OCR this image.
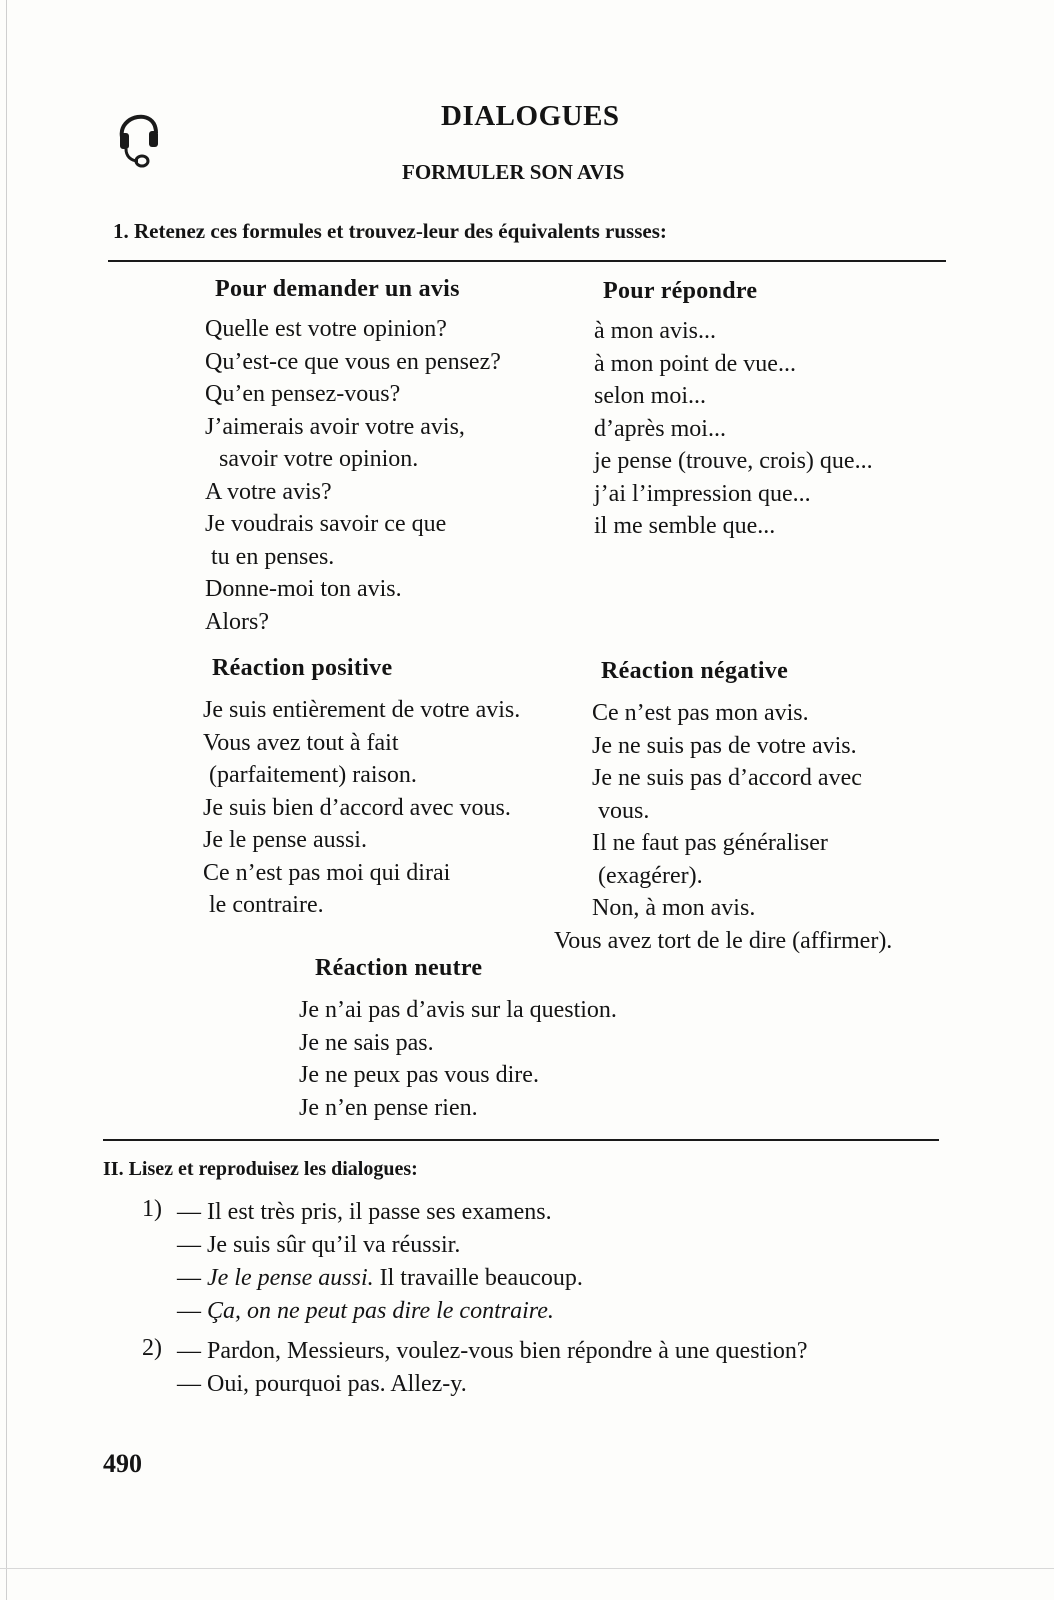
DIALOGUES
FORMULER SON AVIS
1. Retenez ces formules et trouvez-leur des équivalents russes:
Pour demander un avis
Quelle est votre opinion?
Qu’est-ce que vous en pensez?
Qu’en pensez-vous?
J’aimerais avoir votre avis,
savoir votre opinion.
A votre avis?
Je voudrais savoir ce que
tu en penses.
Donne-moi ton avis.
Alors?
Pour répondre
à mon avis...
à mon point de vue...
selon moi...
d’après moi...
je pense (trouve, crois) que...
j’ai l’impression que...
il me semble que...
Réaction positive
Je suis entièrement de votre avis.
Vous avez tout à fait
(parfaitement) raison.
Je suis bien d’accord avec vous.
Je le pense aussi.
Ce n’est pas moi qui dirai
le contraire.
Réaction négative
Ce n’est pas mon avis.
Je ne suis pas de votre avis.
Je ne suis pas d’accord avec
vous.
Il ne faut pas généraliser
(exagérer).
Non, à mon avis.
Vous avez tort de le dire (affirmer).
Réaction neutre
Je n’ai pas d’avis sur la question.
Je ne sais pas.
Je ne peux pas vous dire.
Je n’en pense rien.
II. Lisez et reproduisez les dialogues:
1) — Il est très pris, il passe ses examens.
— Je suis sûr qu’il va réussir.
— Je le pense aussi. Il travaille beaucoup.
— Ça, on ne peut pas dire le contraire.
2) — Pardon, Messieurs, voulez-vous bien répondre à une question?
— Oui, pourquoi pas. Allez-y.
490
